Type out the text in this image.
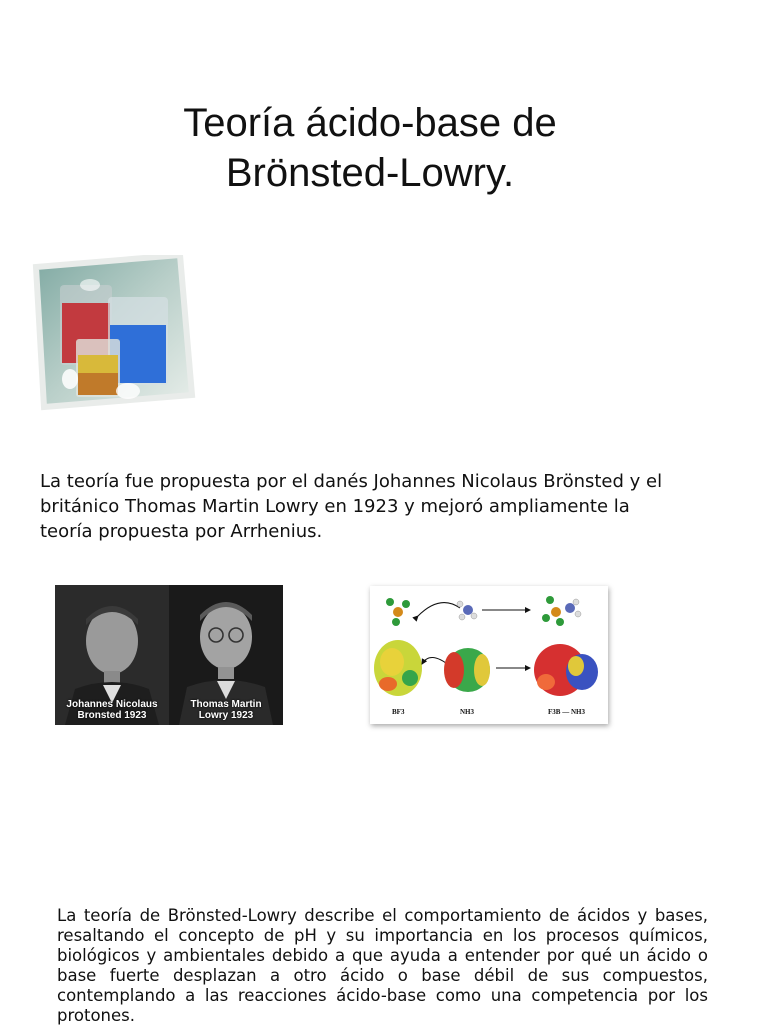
Teoría ácido-base de
Brönsted-Lowry.
La teoría fue propuesta por el danés Johannes Nicolaus Brönsted y el
británico Thomas Martin Lowry en 1923 y mejoró ampliamente la
teoría propuesta por Arrhenius.
Johannes Nicolaus
Bronsted 1923
Thomas Martin
Lowry 1923	BF3	NH3	F3B — NH3
La teoría de Brönsted-Lowry describe el comportamiento de ácidos y bases, resaltando el concepto de pH y su importancia en los procesos químicos, biológicos y ambientales debido a que ayuda a entender por qué un ácido o base fuerte desplazan a otro ácido o base débil de sus compuestos, contemplando a las reacciones ácido-base como una competencia por los protones.
